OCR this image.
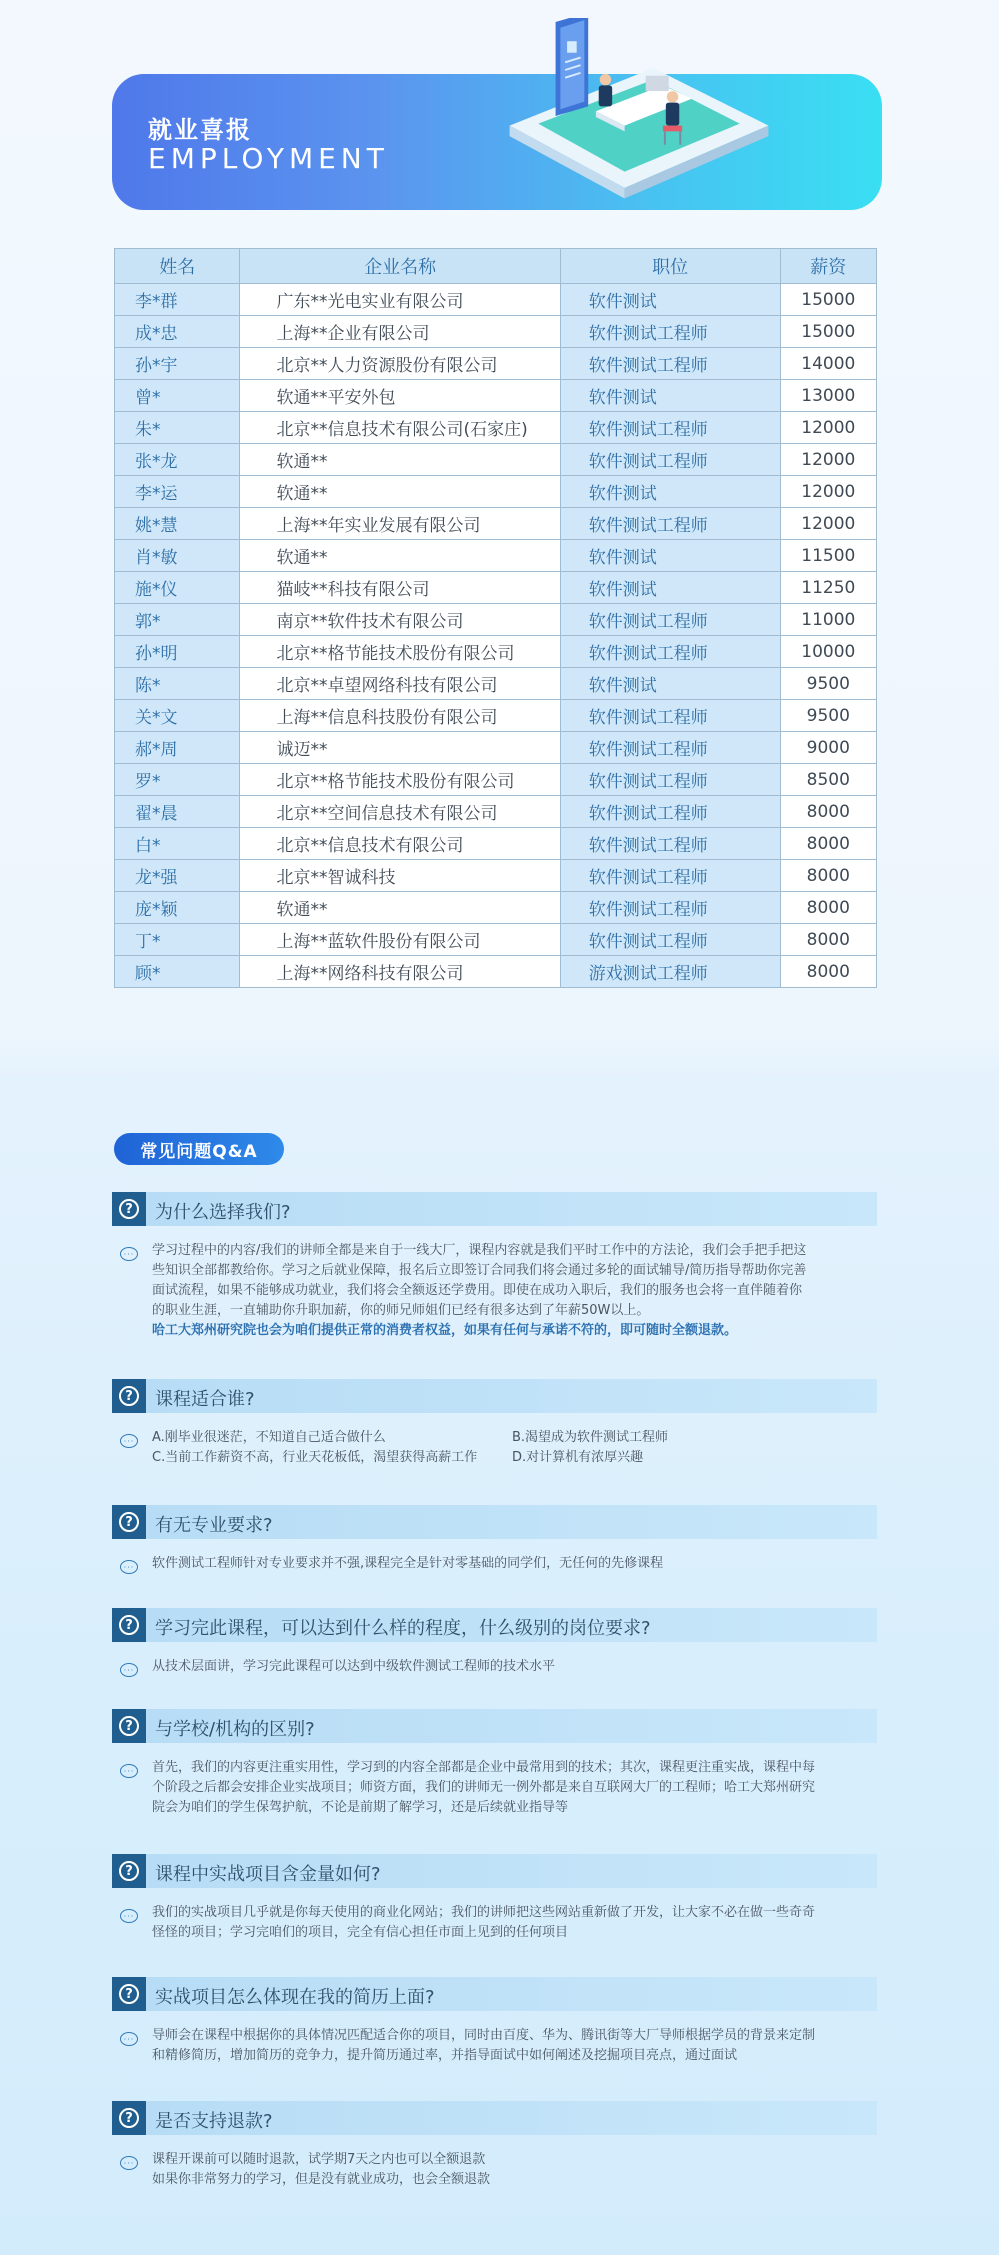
就业喜报
EMPLOYMENT
姓名	企业名称	职位	薪资
李*群	广东**光电实业有限公司	软件测试	15000
成*忠	上海**企业有限公司	软件测试工程师	15000
孙*宇	北京**人力资源股份有限公司	软件测试工程师	14000
曾*	软通**平安外包	软件测试	13000
朱*	北京**信息技术有限公司(石家庄)	软件测试工程师	12000
张*龙	软通**	软件测试工程师	12000
李*运	软通**	软件测试	12000
姚*慧	上海**年实业发展有限公司	软件测试工程师	12000
肖*敏	软通**	软件测试	11500
施*仪	猫岐**科技有限公司	软件测试	11250
郭*	南京**软件技术有限公司	软件测试工程师	11000
孙*明	北京**格节能技术股份有限公司	软件测试工程师	10000
陈*	北京**卓望网络科技有限公司	软件测试	9500
关*文	上海**信息科技股份有限公司	软件测试工程师	9500
郝*周	诚迈**	软件测试工程师	9000
罗*	北京**格节能技术股份有限公司	软件测试工程师	8500
翟*晨	北京**空间信息技术有限公司	软件测试工程师	8000
白*	北京**信息技术有限公司	软件测试工程师	8000
龙*强	北京**智诚科技	软件测试工程师	8000
庞*颖	软通**	软件测试工程师	8000
丁*	上海**蓝软件股份有限公司	软件测试工程师	8000
顾*	上海**网络科技有限公司	游戏测试工程师	8000
常见问题Q&A
?	为什么选择我们?
··· 学习过程中的内容/我们的讲师全都是来自于一线大厂，课程内容就是我们平时工作中的方法论，我们会手把手把这

些知识全部都教给你。学习之后就业保障，报名后立即签订合同我们将会通过多轮的面试辅导/简历指导帮助你完善

面试流程，如果不能够成功就业，我们将会全额返还学费用。即使在成功入职后，我们的服务也会将一直伴随着你

的职业生涯，一直辅助你升职加薪，你的师兄师姐们已经有很多达到了年薪50W以上。

哈工大郑州研究院也会为咱们提供正常的消费者权益，如果有任何与承诺不符的，即可随时全额退款。

?	课程适合谁?
··· A.刚毕业很迷茫，不知道自己适合做什么	B.渴望成为软件测试工程师
C.当前工作薪资不高，行业天花板低，渴望获得高薪工作	D.对计算机有浓厚兴趣
?	有无专业要求?
··· 软件测试工程师针对专业要求并不强,课程完全是针对零基础的同学们，无任何的先修课程

?	学习完此课程，可以达到什么样的程度，什么级别的岗位要求?
··· 从技术层面讲，学习完此课程可以达到中级软件测试工程师的技术水平

?	与学校/机构的区别?
··· 首先，我们的内容更注重实用性，学习到的内容全部都是企业中最常用到的技术；其次，课程更注重实战，课程中每

个阶段之后都会安排企业实战项目；师资方面，我们的讲师无一例外都是来自互联网大厂的工程师；哈工大郑州研究

院会为咱们的学生保驾护航，不论是前期了解学习，还是后续就业指导等

?	课程中实战项目含金量如何?
··· 我们的实战项目几乎就是你每天使用的商业化网站；我们的讲师把这些网站重新做了开发，让大家不必在做一些奇奇

怪怪的项目；学习完咱们的项目，完全有信心担任市面上见到的任何项目

?	实战项目怎么体现在我的简历上面?
··· 导师会在课程中根据你的具体情况匹配适合你的项目，同时由百度、华为、腾讯街等大厂导师根据学员的背景来定制

和精修简历，增加简历的竞争力，提升简历通过率，并指导面试中如何阐述及挖掘项目亮点，通过面试

?	是否支持退款?
··· 课程开课前可以随时退款，试学期7天之内也可以全额退款

如果你非常努力的学习，但是没有就业成功，也会全额退款
